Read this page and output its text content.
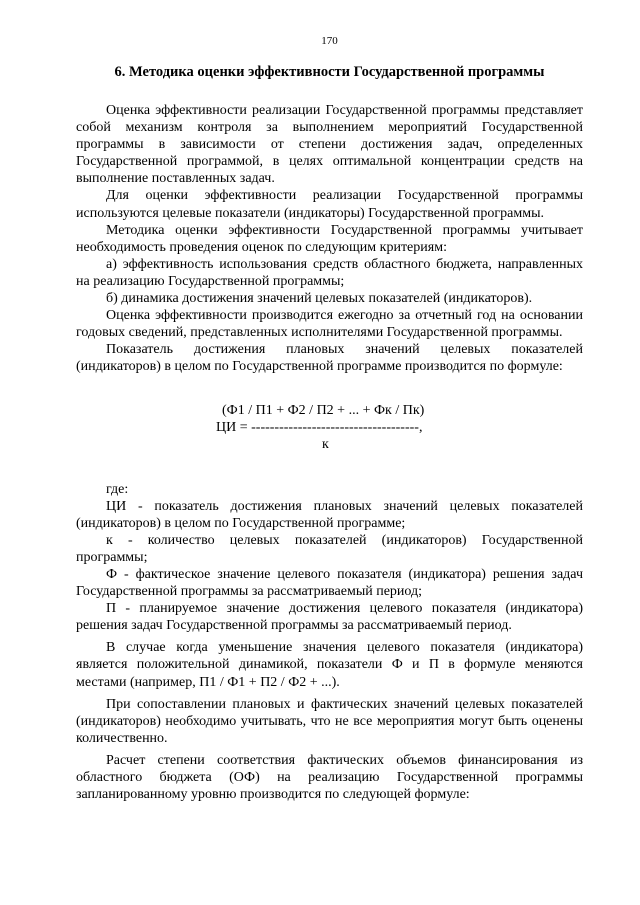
170
6. Методика оценки эффективности Государственной программы

Оценка эффективности реализации Государственной программы представляет собой механизм контроля за выполнением мероприятий Государственной программы в зависимости от степени достижения задач, определенных Государственной программой, в целях оптимальной концентрации средств на выполнение поставленных задач.

Для оценки эффективности реализации Государственной программы используются целевые показатели (индикаторы) Государственной программы.

Методика оценки эффективности Государственной программы учитывает необходимость проведения оценок по следующим критериям:

а) эффективность использования средств областного бюджета, направленных на реализацию Государственной программы;

б) динамика достижения значений целевых показателей (индикаторов).

Оценка эффективности производится ежегодно за отчетный год на основании годовых сведений, представленных исполнителями Государственной программы.

Показатель достижения плановых значений целевых показателей (индикаторов) в целом по Государственной программе производится по формуле:

(Ф1 / П1 + Ф2 / П2 + ... + Фк / Пк)
ЦИ = ------------------------------------,
к

где:

ЦИ - показатель достижения плановых значений целевых показателей (индикаторов) в целом по Государственной программе;

к - количество целевых показателей (индикаторов) Государственной программы;

Ф - фактическое значение целевого показателя (индикатора) решения задач Государственной программы за рассматриваемый период;

П - планируемое значение достижения целевого показателя (индикатора) решения задач Государственной программы за рассматриваемый период.

В случае когда уменьшение значения целевого показателя (индикатора) является положительной динамикой, показатели Ф и П в формуле меняются местами (например, П1 / Ф1 + П2 / Ф2 + ...).

При сопоставлении плановых и фактических значений целевых показателей (индикаторов) необходимо учитывать, что не все мероприятия могут быть оценены количественно.

Расчет степени соответствия фактических объемов финансирования из областного бюджета (ОФ) на реализацию Государственной программы запланированному уровню производится по следующей формуле:
